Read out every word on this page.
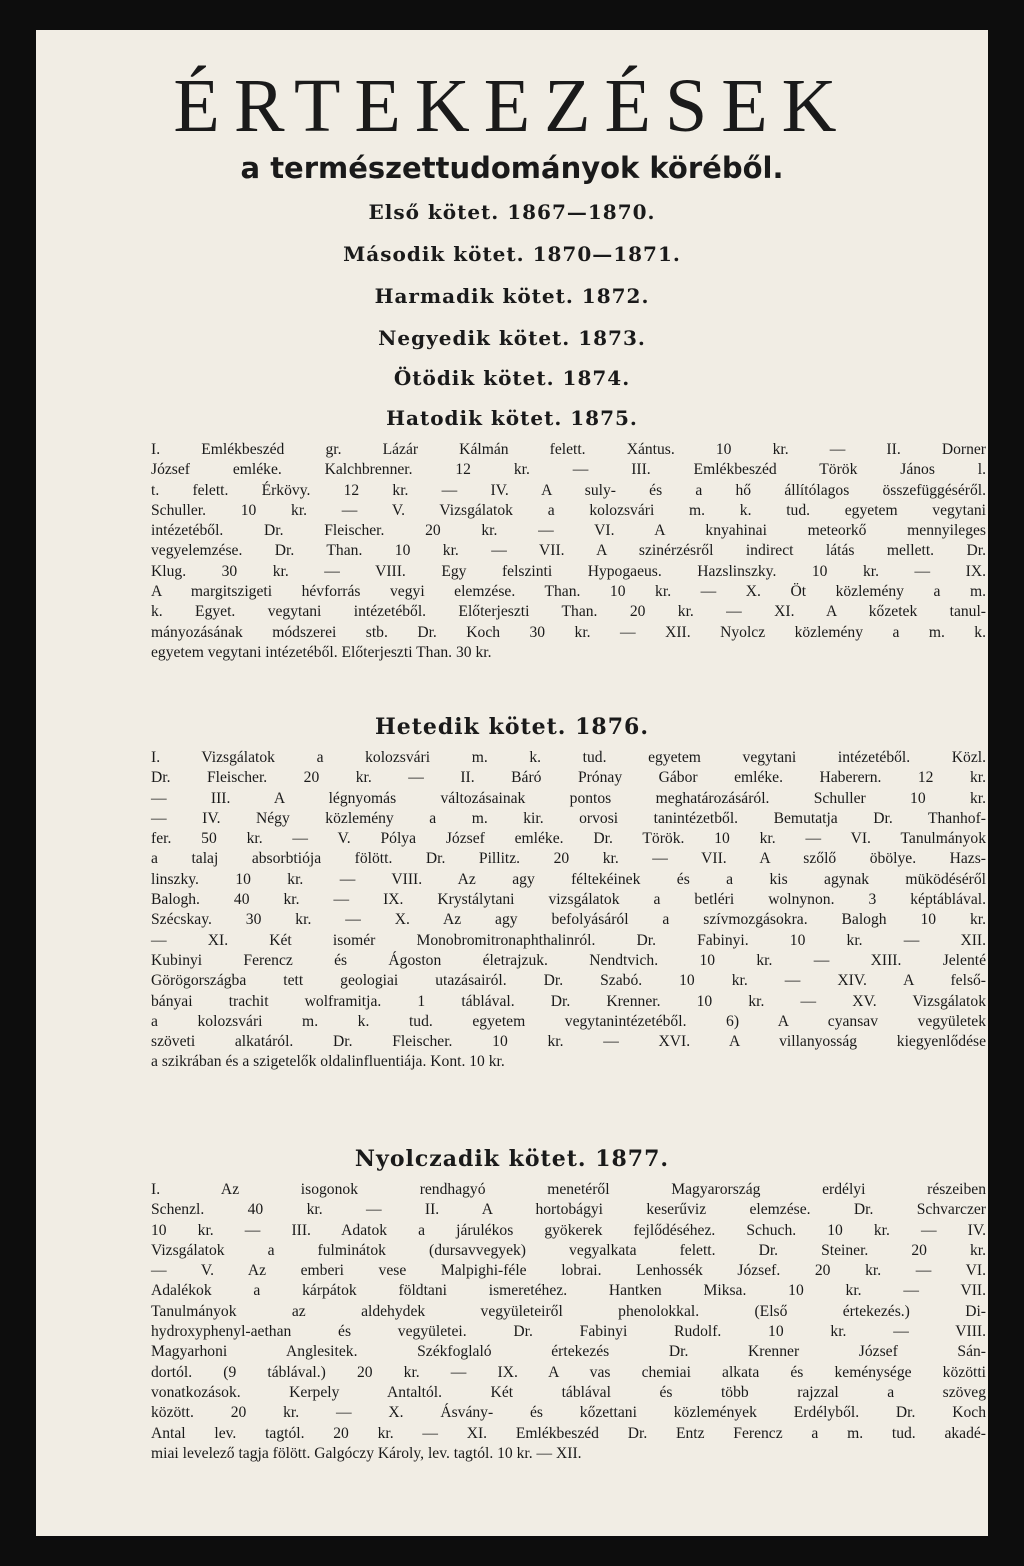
ÉRTEKEZÉSEK
a természettudományok köréből.
Első kötet. 1867—1870.
Második kötet. 1870—1871.
Harmadik kötet. 1872.
Negyedik kötet. 1873.
Ötödik kötet. 1874.
Hatodik kötet. 1875.
I. Emlékbeszéd gr. Lázár Kálmán felett. Xántus. 10 kr. — II. Dorner
József emléke. Kalchbrenner. 12 kr. — III. Emlékbeszéd Török János l.
t. felett. Érkövy. 12 kr. — IV. A suly- és a hő állítólagos összefüggéséről.
Schuller. 10 kr. — V. Vizsgálatok a kolozsvári m. k. tud. egyetem vegytani
intézetéből. Dr. Fleischer. 20 kr. — VI. A knyahinai meteorkő mennyileges
vegyelemzése. Dr. Than. 10 kr. — VII. A szinérzésről indirect látás mellett. Dr.
Klug. 30 kr. — VIII. Egy felszinti Hypogaeus. Hazslinszky. 10 kr. — IX.
A margitszigeti hévforrás vegyi elemzése. Than. 10 kr. — X. Öt közlemény a m.
k. Egyet. vegytani intézetéből. Előterjeszti Than. 20 kr. — XI. A kőzetek tanul-
mányozásának módszerei stb. Dr. Koch 30 kr. — XII. Nyolcz közlemény a m. k.
egyetem vegytani intézetéből. Előterjeszti Than. 30 kr.
Hetedik kötet. 1876.
I. Vizsgálatok a kolozsvári m. k. tud. egyetem vegytani intézetéből. Közl.
Dr. Fleischer. 20 kr. — II. Báró Prónay Gábor emléke. Haberern. 12 kr.
— III. A légnyomás változásainak pontos meghatározásáról. Schuller 10 kr.
— IV. Négy közlemény a m. kir. orvosi tanintézetből. Bemutatja Dr. Thanhof-
fer. 50 kr. — V. Pólya József emléke. Dr. Török. 10 kr. — VI. Tanulmányok
a talaj absorbtiója fölött. Dr. Pillitz. 20 kr. — VII. A szőlő öbölye. Hazs-
linszky. 10 kr. — VIII. Az agy féltekéinek és a kis agynak müködéséről
Balogh. 40 kr. — IX. Krystálytani vizsgálatok a betléri wolnynon. 3 képtáblával.
Szécskay. 30 kr. — X. Az agy befolyásáról a szívmozgásokra. Balogh 10 kr.
— XI. Két isomér Monobromitronaphthalinról. Dr. Fabinyi. 10 kr. — XII.
Kubinyi Ferencz és Ágoston életrajzuk. Nendtvich. 10 kr. — XIII. Jelenté
Görögországba tett geologiai utazásairól. Dr. Szabó. 10 kr. — XIV. A felső-
bányai trachit wolframitja. 1 táblával. Dr. Krenner. 10 kr. — XV. Vizsgálatok
a kolozsvári m. k. tud. egyetem vegytanintézetéből. 6) A cyansav vegyületek
szöveti alkatáról. Dr. Fleischer. 10 kr. — XVI. A villanyosság kiegyenlődése
a szikrában és a szigetelők oldalinfluentiája. Kont. 10 kr.
Nyolczadik kötet. 1877.
I. Az isogonok rendhagyó menetéről Magyarország erdélyi részeiben
Schenzl. 40 kr. — II. A hortobágyi keserűviz elemzése. Dr. Schvarczer
10 kr. — III. Adatok a járulékos gyökerek fejlődéséhez. Schuch. 10 kr. — IV.
Vizsgálatok a fulminátok (dursavvegyek) vegyalkata felett. Dr. Steiner. 20 kr.
— V. Az emberi vese Malpighi-féle lobrai. Lenhossék József. 20 kr. — VI.
Adalékok a kárpátok földtani ismeretéhez. Hantken Miksa. 10 kr. — VII.
Tanulmányok az aldehydek vegyületeiről phenolokkal. (Első értekezés.) Di-
hydroxyphenyl-aethan és vegyületei. Dr. Fabinyi Rudolf. 10 kr. — VIII.
Magyarhoni Anglesitek. Székfoglaló értekezés Dr. Krenner József Sán-
dortól. (9 táblával.) 20 kr. — IX. A vas chemiai alkata és keménysége közötti
vonatkozások. Kerpely Antaltól. Két táblával és több rajzzal a szöveg
között. 20 kr. — X. Ásvány- és kőzettani közlemények Erdélyből. Dr. Koch
Antal lev. tagtól. 20 kr. — XI. Emlékbeszéd Dr. Entz Ferencz a m. tud. akadé-
miai levelező tagja fölött. Galgóczy Károly, lev. tagtól. 10 kr. — XII.
